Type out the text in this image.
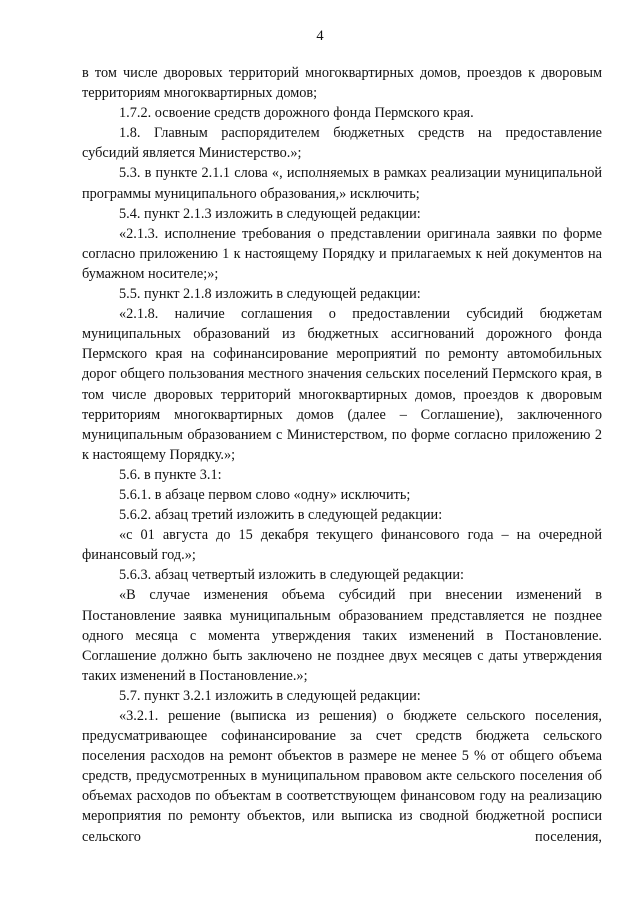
4

в том числе дворовых территорий многоквартирных домов, проездов к дворовым территориям многоквартирных домов;

1.7.2. освоение средств дорожного фонда Пермского края.

1.8. Главным распорядителем бюджетных средств на предоставление субсидий является Министерство.»;

5.3. в пункте 2.1.1 слова «, исполняемых в рамках реализации муниципальной программы муниципального образования,» исключить;

5.4. пункт 2.1.3 изложить в следующей редакции:

«2.1.3. исполнение требования о представлении оригинала заявки по форме согласно приложению 1 к настоящему Порядку и прилагаемых к ней документов на бумажном носителе;»;

5.5. пункт 2.1.8 изложить в следующей редакции:

«2.1.8. наличие соглашения о предоставлении субсидий бюджетам муниципальных образований из бюджетных ассигнований дорожного фонда Пермского края на софинансирование мероприятий по ремонту автомобильных дорог общего пользования местного значения сельских поселений Пермского края, в том числе дворовых территорий многоквартирных домов, проездов к дворовым территориям многоквартирных домов (далее – Соглашение), заключенного муниципальным образованием с Министерством, по форме согласно приложению 2 к настоящему Порядку.»;

5.6. в пункте 3.1:

5.6.1. в абзаце первом слово «одну» исключить;

5.6.2. абзац третий изложить в следующей редакции:

«с 01 августа до 15 декабря текущего финансового года – на очередной финансовый год.»;

5.6.3. абзац четвертый изложить в следующей редакции:

«В случае изменения объема субсидий при внесении изменений в Постановление заявка муниципальным образованием представляется не позднее одного месяца с момента утверждения таких изменений в Постановление. Соглашение должно быть заключено не позднее двух месяцев с даты утверждения таких изменений в Постановление.»;

5.7. пункт 3.2.1 изложить в следующей редакции:

«3.2.1. решение (выписка из решения) о бюджете сельского поселения, предусматривающее софинансирование за счет средств бюджета сельского поселения расходов на ремонт объектов в размере не менее 5 % от общего объема средств, предусмотренных в муниципальном правовом акте сельского поселения об объемах расходов по объектам в соответствующем финансовом году на реализацию мероприятия по ремонту объектов, или выписка из сводной бюджетной росписи сельского поселения,
